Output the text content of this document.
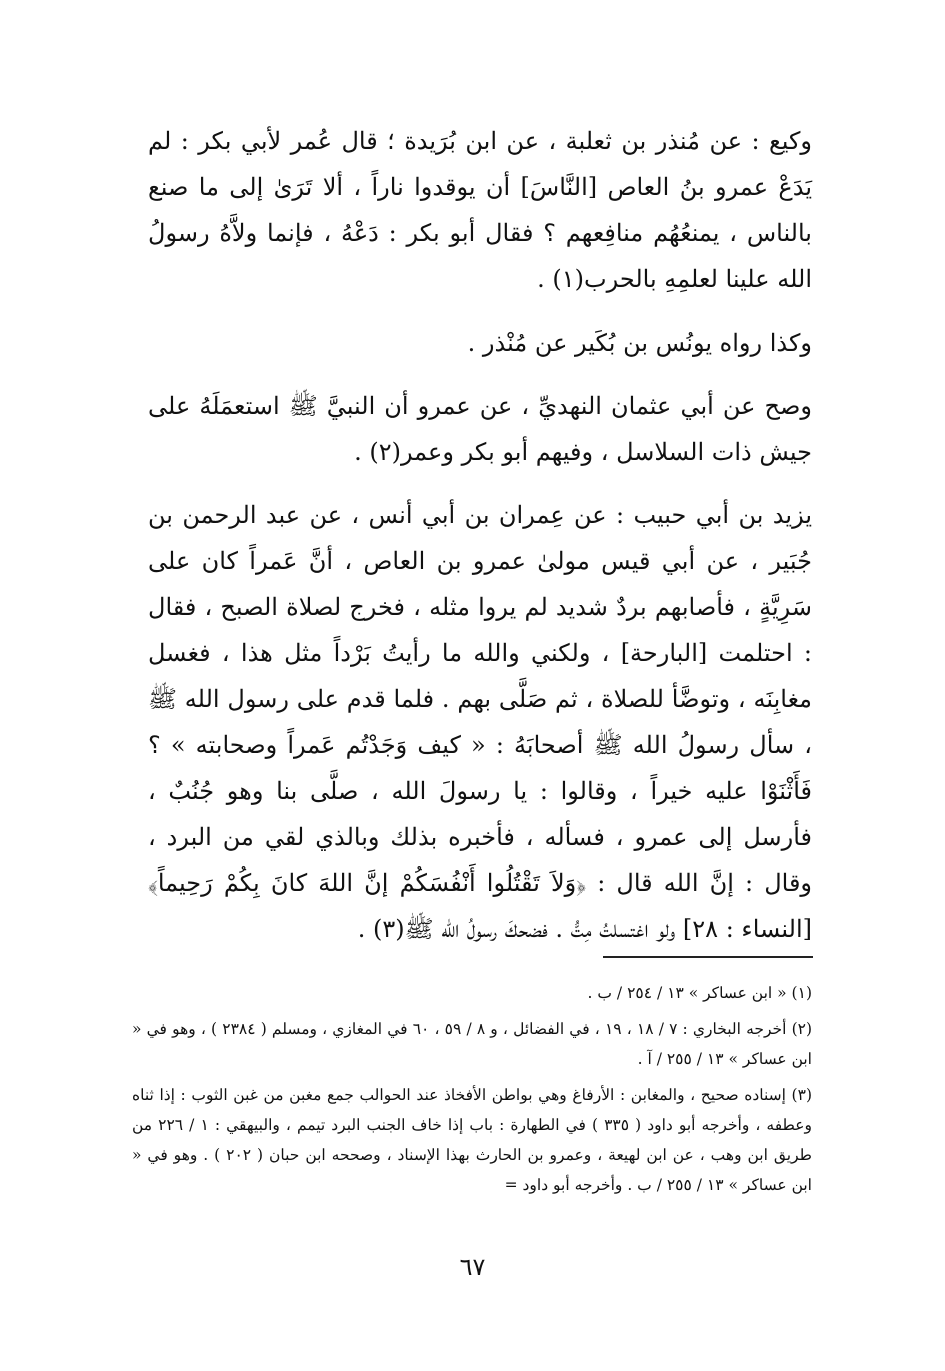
وكيع : عن مُنذر بن ثعلبة ، عن ابن بُرَيدة ؛ قال عُمر لأبي بكر : لم يَدَعْ عمرو بنُ العاص [النَّاسَ] أن يوقدوا ناراً ، ألا تَرَىٰ إلى ما صنع بالناس ، يمنعُهُم منافِعهم ؟ فقال أبو بكر : دَعْهُ ، فإنما ولاَّهُ رسولُ الله علينا لعلمِهِ بالحرب(١) .

وكذا رواه يونُس بن بُكَير عن مُنْذر .

وصح عن أبي عثمان النهديِّ ، عن عمرو أن النبيَّ ﷺ استعمَلَهُ على جيش ذات السلاسل ، وفيهم أبو بكر وعمر(٢) .

يزيد بن أبي حبيب : عن عِمران بن أبي أنس ، عن عبد الرحمن بن جُبَير ، عن أبي قيس مولىٰ عمرو بن العاص ، أنَّ عَمراً كان على سَرِيَّةٍ ، فأصابهم بردٌ شديد لم يروا مثله ، فخرج لصلاة الصبح ، فقال : احتلمت [البارحة] ، ولكني والله ما رأيتُ بَرْداً مثل هذا ، فغسل مغابِنَه ، وتوضَّأ للصلاة ، ثم صَلَّى بهم . فلما قدم على رسول الله ﷺ ، سأل رسولُ الله ﷺ أصحابَهُ : « كيف وَجَدْتُم عَمراً وصحابته » ؟ فَأَثْنَوْا عليه خيراً ، وقالوا : يا رسولَ الله ، صلَّى بنا وهو جُنُبٌ ، فأرسل إلى عمرو ، فسأله ، فأخبره بذلك وبالذي لقي من البرد ، وقال : إنَّ الله قال : ﴿وَلاَ تَقْتُلُوا أَنْفُسَكُمْ إنَّ اللهَ كانَ بِكُمْ رَحِيماً﴾ [النساء : ٢٨] ولو اغتسلتُ مِتُّ . فضحكَ رسولُ الله ﷺ(٣) .

(١) « ابن عساكر » ١٣ / ٢٥٤ / ب .

(٢) أخرجه البخاري : ٧ / ١٨ ، ١٩ ، في الفضائل ، و ٨ / ٥٩ ، ٦٠ في المغازي ، ومسلم ( ٢٣٨٤ ) ، وهو في « ابن عساكر » ١٣ / ٢٥٥ / آ .

(٣) إسناده صحيح ، والمغابن : الأرفاغ وهي بواطن الأفخاذ عند الحوالب جمع مغبن من غبن الثوب : إذا ثناه وعطفه ، وأخرجه أبو داود ( ٣٣٥ ) في الطهارة : باب إذا خاف الجنب البرد تيمم ، والبيهقي : ١ / ٢٢٦ من طريق ابن وهب ، عن ابن لهيعة ، وعمرو بن الحارث بهذا الإسناد ، وصححه ابن حبان ( ٢٠٢ ) . وهو في « ابن عساكر » ١٣ / ٢٥٥ / ب . وأخرجه أبو داود =

٦٧
